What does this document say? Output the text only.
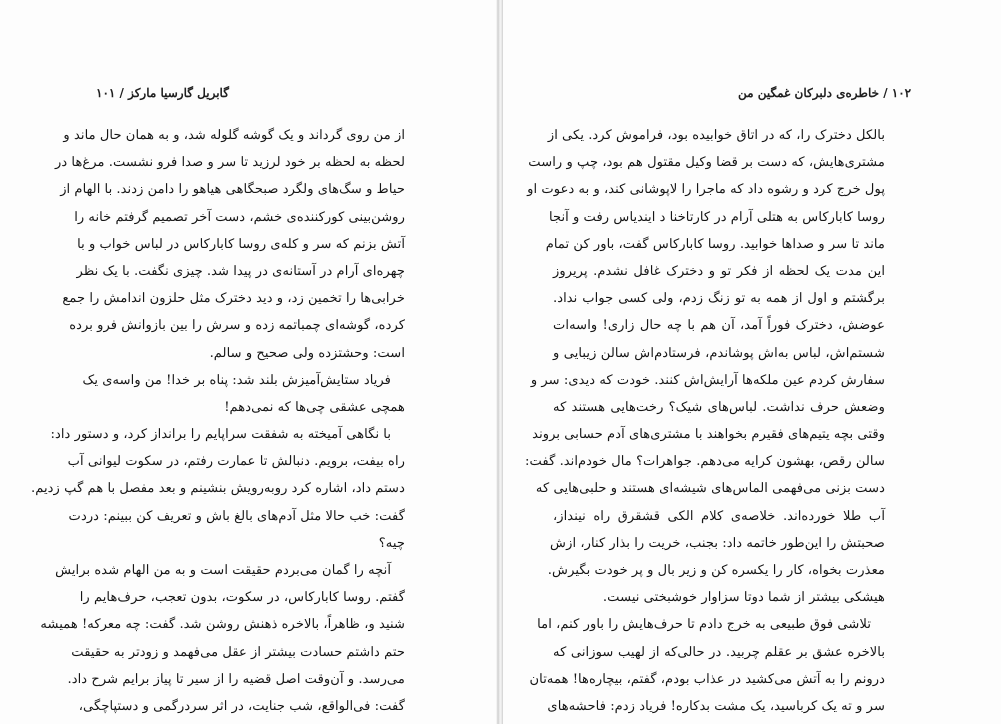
گابریل گارسیا مارکز / ۱۰۱
از من روی گرداند و یک گوشه گلوله شد، و به همان حال ماند و
لحظه به لحظه بر خود لرزید تا سر و صدا فرو نشست. مرغ‌ها در
حیاط و سگ‌های ولگرد صبحگاهی هیاهو را دامن زدند. با الهام از
روشن‌بینی کورکننده‌ی خشم، دست آخر تصمیم گرفتم خانه را
آتش بزنم که سر و کله‌ی روسا کاباركاس در لباس خواب و با
چهره‌ای آرام در آستانه‌ی در پیدا شد. چیزی نگفت. با یک نظر
خرابی‌ها را تخمین زد، و دید دخترک مثل حلزون اندامش را جمع
کرده، گوشه‌ای چمباتمه زده و سرش را بین بازوانش فرو برده
است: وحشتزده ولی صحیح و سالم.
فریاد ستایش‌آمیزش بلند شد: پناه بر خدا! من واسه‌ی یک
همچی عشقی چی‌ها که نمی‌دهم!
با نگاهی آمیخته به شفقت سراپایم را برانداز کرد، و دستور داد:
راه بیفت، برویم. دنبالش تا عمارت رفتم، در سکوت لیوانی آب
دستم داد، اشاره کرد رو‌به‌رویش بنشینم و بعد مفصل با هم گپ زدیم.
گفت: خب حالا مثل آدم‌های بالغ باش و تعریف کن ببینم: دردت
چیه؟
آنچه را گمان می‌بردم حقیقت است و به من الهام شده برایش
گفتم. روسا کاباركاس، در سکوت، بدون تعجب، حرف‌هایم را
شنید و، ظاهراً، بالاخره ذهنش روشن شد. گفت: چه معرکه! همیشه
حتم داشتم حسادت بیشتر از عقل می‌فهمد و زودتر به حقیقت
می‌رسد. و آن‌وقت اصل قضیه را از سیر تا پیاز برایم شرح داد.
گفت: فی‌الواقع، شب جنایت، در اثر سردرگمی و دستپاچگی،
۱۰۲ / خاطره‌ی دلبرکان غمگین من
بالکل دخترک را، که در اتاق خوابیده بود، فراموش کرد. یکی از
مشتری‌هایش، که دست بر قضا وکیل مقتول هم بود، چپ و راست
پول خرج کرد و رشوه داد که ماجرا را لاپوشانی کند، و به دعوت او
روسا کاباركاس به هتلی آرام در کارتاخنا د ایندیاس رفت و آنجا
ماند تا سر و صداها خوابید. روسا کاباركاس گفت، باور کن تمام
این مدت یک لحظه از فکر تو و دخترک غافل نشدم. پریروز
برگشتم و اول از همه به تو زنگ زدم، ولی کسی جواب نداد.
عوضش، دخترک فوراً آمد، آن هم با چه حال زاری! واسه‌ات
شستم‌اش، لباس به‌اش پوشاندم، فرستادم‌اش سالن زیبایی و
سفارش کردم عین ملکه‌ها آرایش‌اش کنند. خودت که دیدی: سر و
وضعش حرف نداشت. لباس‌های شیک؟ رخت‌هایی هستند که
وقتی بچه یتیم‌های فقیرم بخواهند با مشتری‌های آدم حسابی بروند
سالن رقص، بهشون کرایه می‌دهم. جواهرات؟ مال خودم‌اند. گفت:
دست بزنی می‌فهمی الماس‌های شیشه‌ای هستند و حلبی‌هایی که
آب طلا خورده‌اند. خلاصه‌ی کلام الکی قشقرق راه نینداز،
صحبتش را این‌طور خاتمه داد: بجنب، خریت را بذار کنار، ازش
معذرت بخواه، کار را یکسره کن و زیر بال و پر خودت بگیرش.
هیشکی بیشتر از شما دوتا سزاوار خوشبختی نیست.
تلاشی فوق طبیعی به خرج دادم تا حرف‌هایش را باور کنم، اما
بالاخره عشق بر عقلم چربید. در حالی‌که از لهیب سوزانی که
درونم را به آتش می‌کشید در عذاب بودم، گفتم، بیچاره‌ها! همه‌تان
سر و ته یک کرباسید، یک مشت بدکاره! فریاد زدم: فاحشه‌های
